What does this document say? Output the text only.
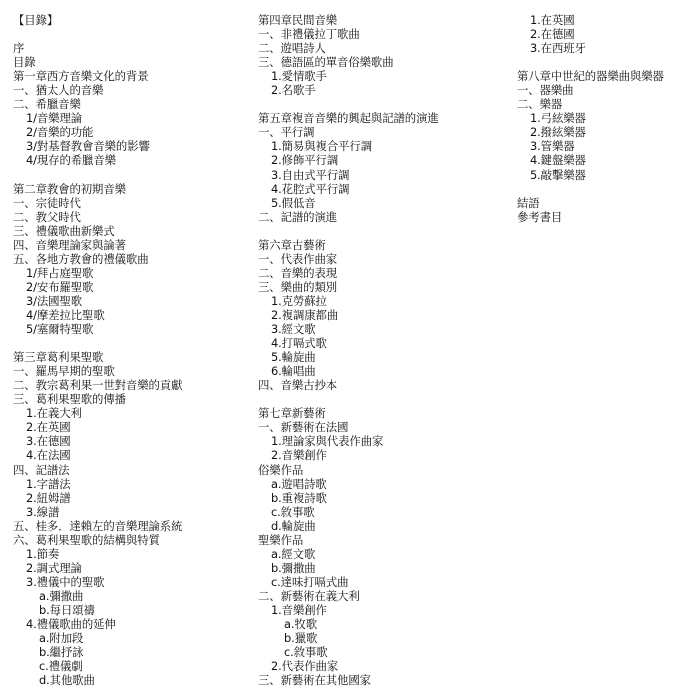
【目錄】
序
目錄
第一章西方音樂文化的背景
一、猶太人的音樂
二、希臘音樂
1/音樂理論
2/音樂的功能
3/對基督教會音樂的影響
4/現存的希臘音樂
第二章教會的初期音樂
一、宗徒時代
二、教父時代
三、禮儀歌曲新樂式
四、音樂理論家與論著
五、各地方教會的禮儀歌曲
1/拜占庭聖歌
2/安布羅聖歌
3/法國聖歌
4/摩差拉比聖歌
5/塞爾特聖歌
第三章葛利果聖歌
一、羅馬早期的聖歌
二、教宗葛利果一世對音樂的貢獻
三、葛利果聖歌的傳播
1.在義大利
2.在英國
3.在德國
4.在法國
四、記譜法
1.字譜法
2.紐姆譜
3.線譜
五、桂多．達賴左的音樂理論系統
六、葛利果聖歌的結構與特質
1.節奏
2.調式理論
3.禮儀中的聖歌
a.彌撒曲
b.每日頌禱
4.禮儀歌曲的延伸
a.附加段
b.繼抒詠
c.禮儀劇
d.其他歌曲
第四章民間音樂
一、非禮儀拉丁歌曲
二、遊唱詩人
三、德語區的單音俗樂歌曲
1.愛情歌手
2.名歌手
第五章複音音樂的興起與記譜的演進
一、平行調
1.簡易與複合平行調
2.修飾平行調
3.自由式平行調
4.花腔式平行調
5.假低音
二、記譜的演進
第六章古藝術
一、代表作曲家
二、音樂的表現
三、樂曲的類別
1.克勞蘇拉
2.複調康都曲
3.經文歌
4.打嗝式歌
5.輪旋曲
6.輪唱曲
四、音樂古抄本
第七章新藝術
一、新藝術在法國
1.理論家與代表作曲家
2.音樂創作
俗樂作品
a.遊唱詩歌
b.重複詩歌
c.敘事歌
d.輪旋曲
聖樂作品
a.經文歌
b.彌撒曲
c.達味打嗝式曲
二、新藝術在義大利
1.音樂創作
a.牧歌
b.獵歌
c.敘事歌
2.代表作曲家
三、新藝術在其他國家
1.在英國
2.在德國
3.在西班牙
第八章中世紀的器樂曲與樂器
一、器樂曲
二、樂器
1.弓絃樂器
2.撥絃樂器
3.管樂器
4.鍵盤樂器
5.敲擊樂器
結語
參考書目
